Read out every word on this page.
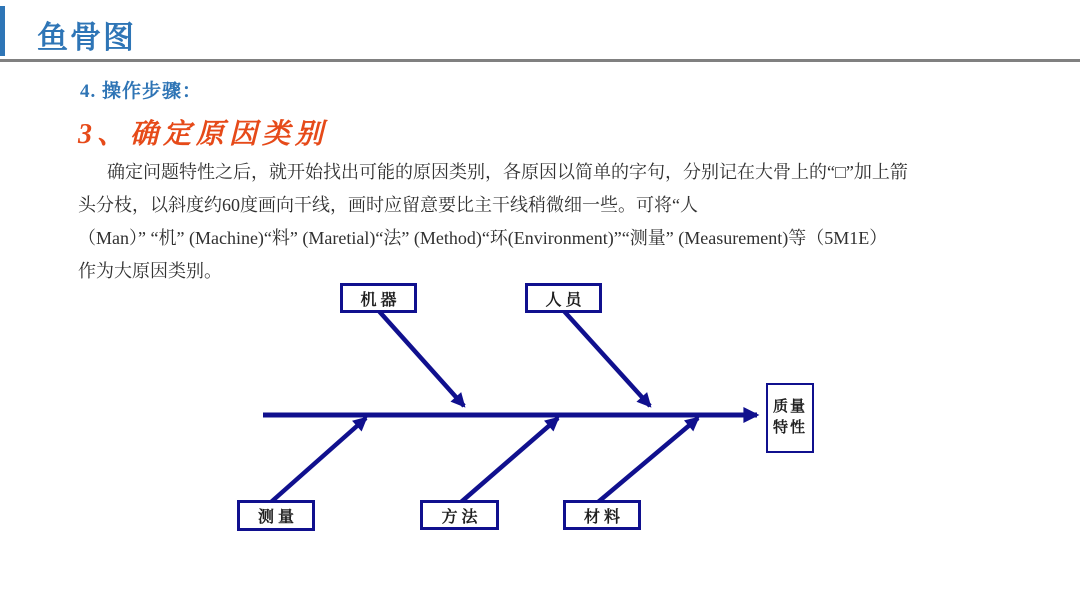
鱼骨图
4. 操作步骤：
3、确定原因类别
确定问题特性之后，就开始找出可能的原因类别，各原因以简单的字句，分别记在大骨上的“□”加上箭
头分枝，以斜度约60度画向干线，画时应留意要比主干线稍微细一些。可将“人
（Man）” “机” (Machine)“料” (Maretial)“法” (Method)“环(Environment)”“测量” (Measurement)等（5M1E）
作为大原因类别。
机器	人员
测量	方法	材料
质量
特性
